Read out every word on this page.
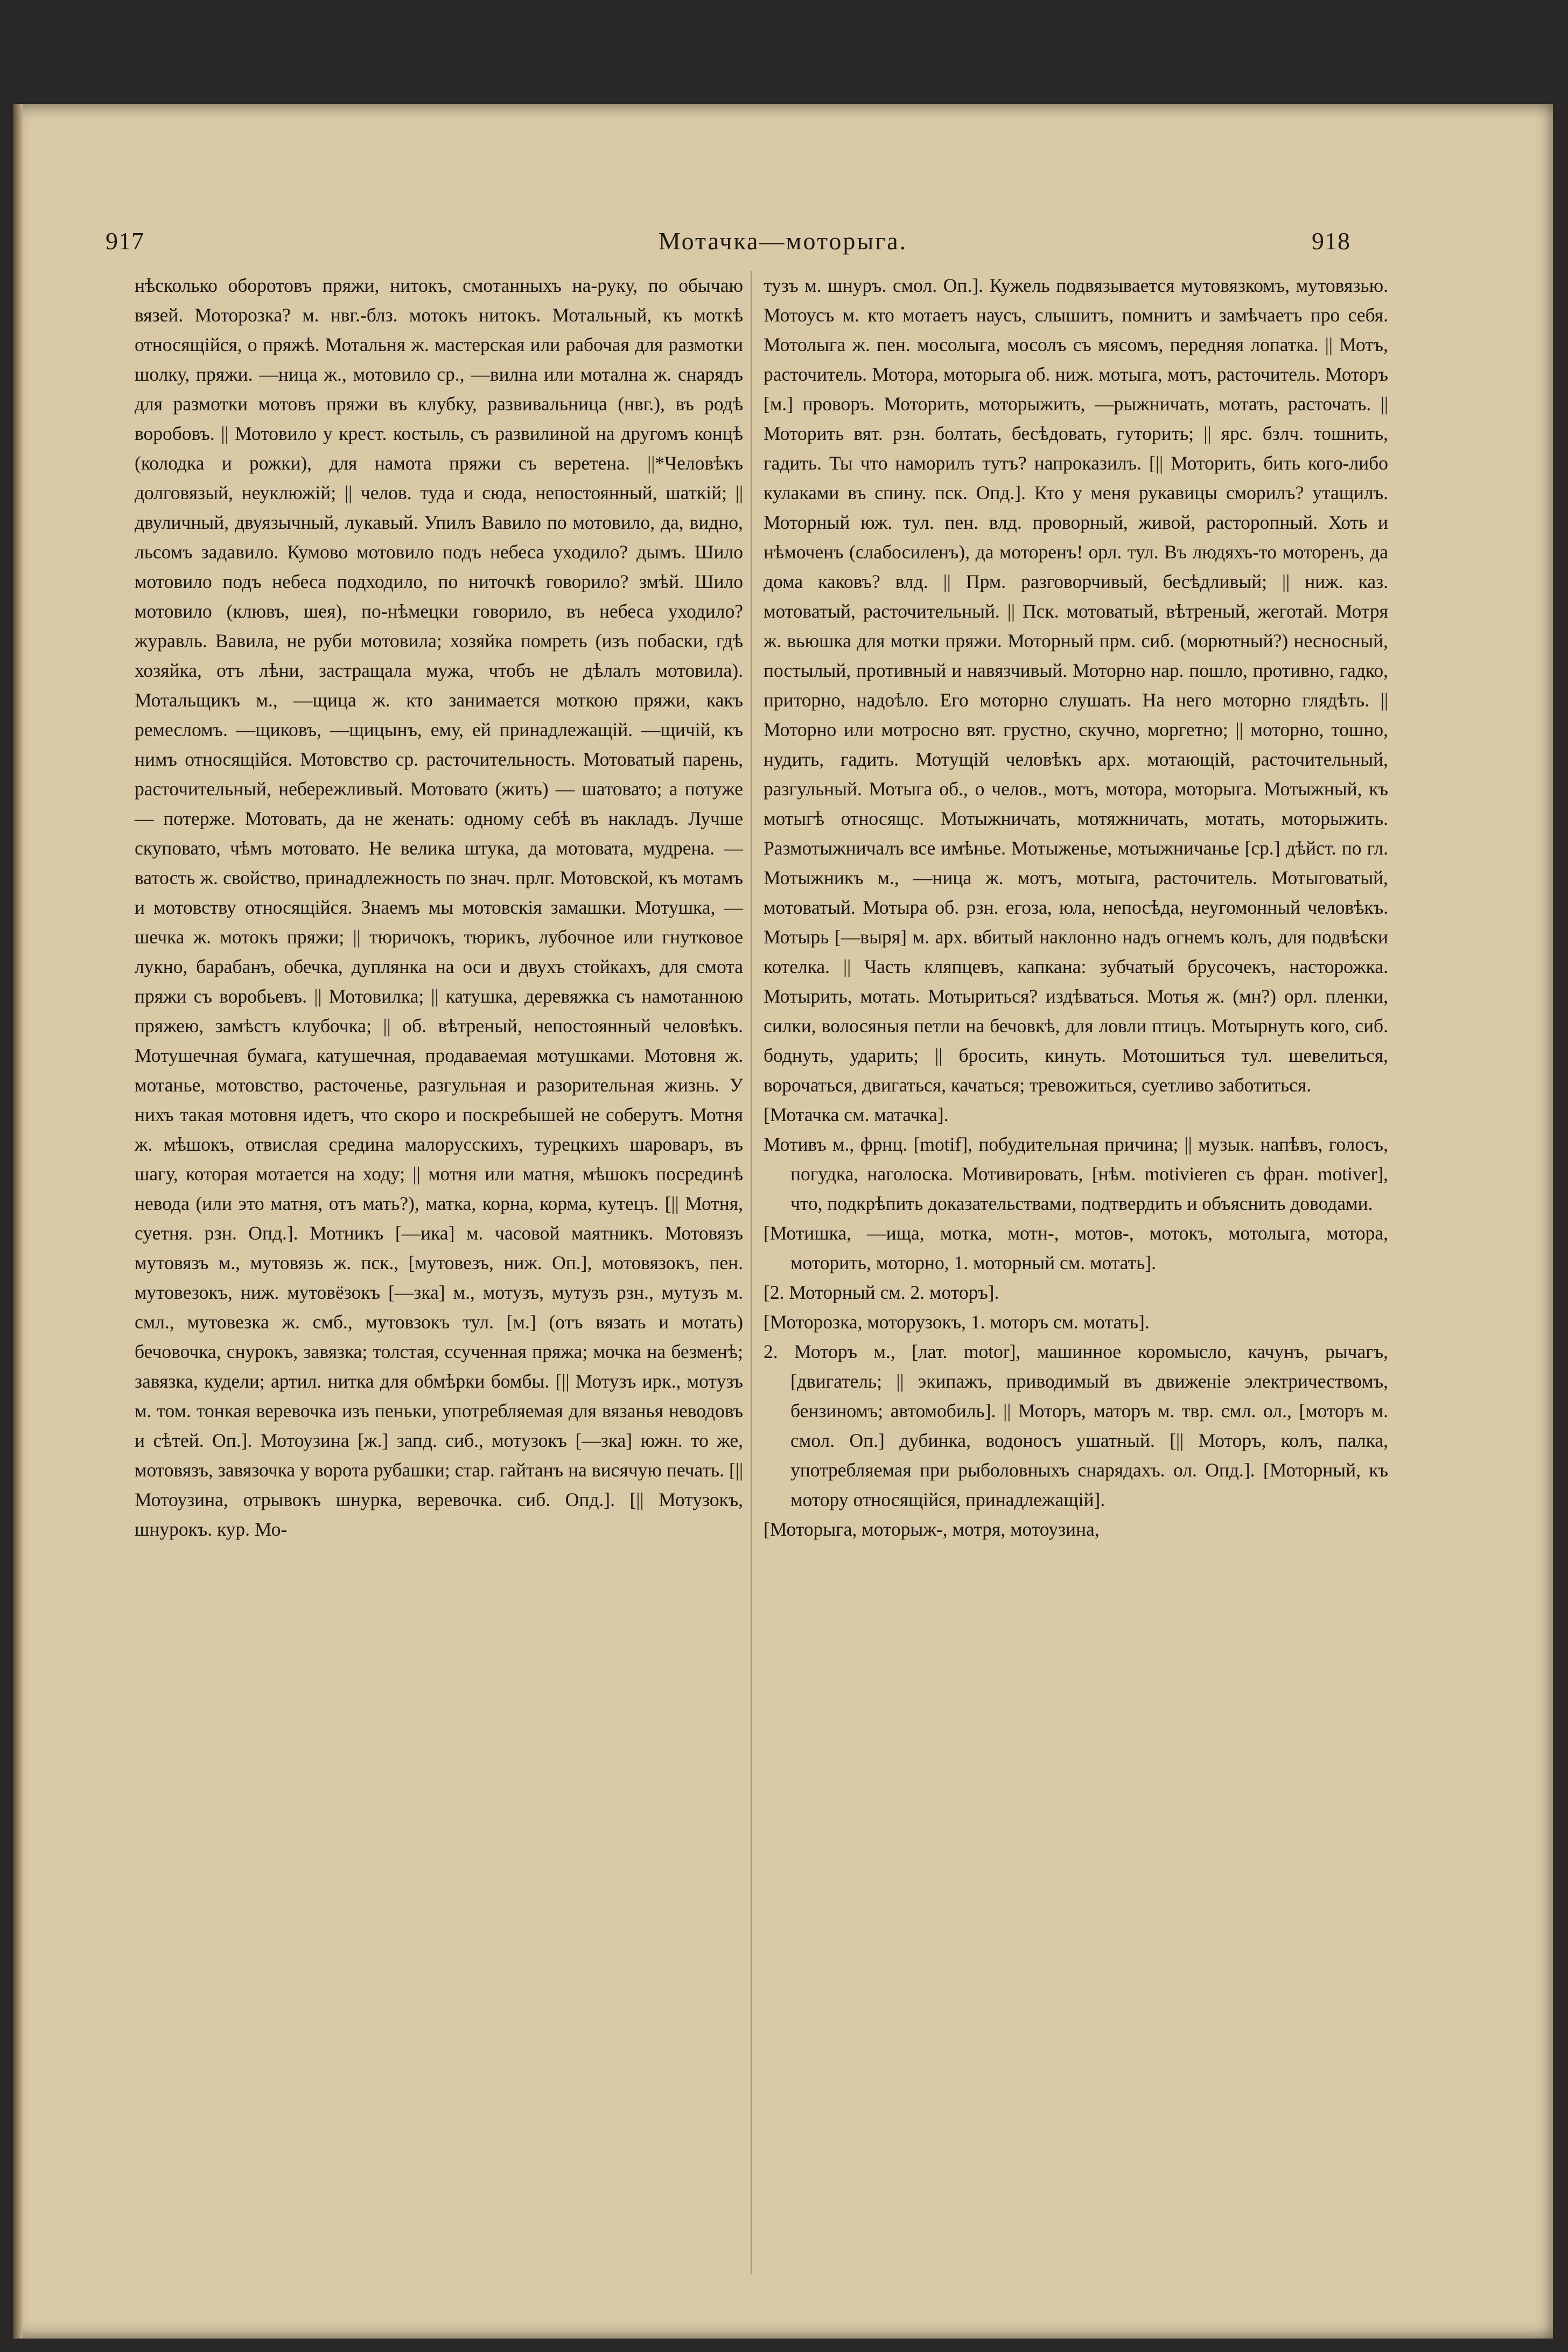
917	Мотачка—моторыга.	918

нѣсколько оборотовъ пряжи, нитокъ, смотанныхъ на-руку, по обычаю вязей. Моторозка? м. нвг.-блз. мотокъ нитокъ. Мотальный, къ моткѣ относящійся, о пряжѣ. Мотальня ж. мастерская или рабочая для размотки шолку, пряжи. —ница ж., мотовило ср., —вилна или мотална ж. снарядъ для размотки мотовъ пряжи въ клубку, развивальница (нвг.), въ родѣ воробовъ. || Мотовило у крест. костыль, съ развилиной на другомъ концѣ (колодка и рожки), для намота пряжи съ веретена. ||*Человѣкъ долговязый, неуклюжій; || челов. туда и сюда, непостоянный, шаткій; || двуличный, двуязычный, лукавый. Упилъ Вавило по мотовило, да, видно, льсомъ задавило. Кумово мотовило подъ небеса уходило? дымъ. Шило мотовило подъ небеса подходило, по ниточкѣ говорило? змѣй. Шило мотовило (клювъ, шея), по-нѣмецки говорило, въ небеса уходило? журавль. Вавила, не руби мотовила; хозяйка помреть (изъ побаски, гдѣ хозяйка, отъ лѣни, застращала мужа, чтобъ не дѣлалъ мотовила). Мотальщикъ м., —щица ж. кто занимается моткою пряжи, какъ ремесломъ. —щиковъ, —щицынъ, ему, ей принадлежащій. —щичій, къ нимъ относящійся. Мотовство ср. расточительность. Мотоватый парень, расточительный, небережливый. Мотовато (жить) — шатовато; а потуже — потерже. Мотовать, да не женать: одному себѣ въ накладъ. Лучше скуповато, чѣмъ мотовато. Не велика штука, да мотовата, мудрена. —ватость ж. свойство, принадлежность по знач. прлг. Мотовской, къ мотамъ и мотовству относящійся. Знаемъ мы мотовскія замашки. Мотушка, —шечка ж. мотокъ пряжи; || тюричокъ, тюрикъ, лубочное или гнутковое лукно, барабанъ, обечка, дуплянка на оси и двухъ стойкахъ, для смота пряжи съ воробьевъ. || Мотовилка; || катушка, деревяжка съ намотанною пряжею, замѣстъ клубочка; || об. вѣтреный, непостоянный человѣкъ. Мотушечная бумага, катушечная, продаваемая мотушками. Мотовня ж. мотанье, мотовство, расточенье, разгульная и разорительная жизнь. У нихъ такая мотовня идетъ, что скоро и поскребышей не соберутъ. Мотня ж. мѣшокъ, отвислая средина малорусскихъ, турецкихъ шароваръ, въ шагу, которая мотается на ходу; || мотня или матня, мѣшокъ посрединѣ невода (или это матня, отъ мать?), матка, корна, корма, кутецъ. [|| Мотня, суетня. рзн. Опд.]. Мотникъ [—ика] м. часовой маятникъ. Мотовязъ мутовязъ м., мутовязь ж. пск., [мутовезъ, ниж. Оп.], мотовязокъ, пен. мутовезокъ, ниж. мутовёзокъ [—зка] м., мотузъ, мутузъ рзн., мутузъ м. смл., мутовезка ж. смб., мутовзокъ тул. [м.] (отъ вязать и мотать) бечовочка, снурокъ, завязка; толстая, ссученная пряжа; мочка на безменѣ; завязка, кудели; артил. нитка для обмѣрки бомбы. [|| Мотузъ ирк., мотузъ м. том. тонкая веревочка изъ пеньки, употребляемая для вязанья неводовъ и сѣтей. Оп.]. Мотоузина [ж.] запд. сиб., мотузокъ [—зка] южн. то же, мотовязъ, завязочка у ворота рубашки; стар. гайтанъ на висячую печать. [|| Мотоузина, отрывокъ шнурка, веревочка. сиб. Опд.]. [|| Мотузокъ, шнурокъ. кур. Мо-

тузъ м. шнуръ. смол. Оп.]. Кужель подвязывается мутовязкомъ, мутовязью. Мотоусъ м. кто мотаетъ наусъ, слышитъ, помнитъ и замѣчаетъ про себя. Мотолыга ж. пен. мосолыга, мосолъ съ мясомъ, передняя лопатка. || Мотъ, расточитель. Мотора, моторыга об. ниж. мотыга, мотъ, расточитель. Моторъ [м.] проворъ. Моторить, моторыжить, —рыжничать, мотать, расточать. || Моторить вят. рзн. болтать, бесѣдовать, гуторить; || ярс. бзлч. тошнить, гадить. Ты что наморилъ тутъ? напроказилъ. [|| Моторить, бить кого-либо кулаками въ спину. пск. Опд.]. Кто у меня рукавицы сморилъ? утащилъ. Моторный юж. тул. пен. влд. проворный, живой, расторопный. Хоть и нѣмоченъ (слабосиленъ), да моторенъ! орл. тул. Въ людяхъ-то моторенъ, да дома каковъ? влд. || Прм. разговорчивый, бесѣдливый; || ниж. каз. мотоватый, расточительный. || Пск. мотоватый, вѣтреный, жеготай. Мотря ж. вьюшка для мотки пряжи. Моторный прм. сиб. (морютный?) несносный, постылый, противный и навязчивый. Моторно нар. пошло, противно, гадко, приторно, надоѣло. Его моторно слушать. На него моторно глядѣть. || Моторно или мотросно вят. грустно, скучно, моргетно; || моторно, тошно, нудить, гадить. Мотущій человѣкъ арх. мотающій, расточительный, разгульный. Мотыга об., о челов., мотъ, мотора, моторыга. Мотыжный, къ мотыгѣ относящс. Мотыжничать, мотяжничать, мотать, моторыжить. Размотыжничалъ все имѣнье. Мотыженье, мотыжничанье [ср.] дѣйст. по гл. Мотыжникъ м., —ница ж. мотъ, мотыга, расточитель. Мотыговатый, мотоватый. Мотыра об. рзн. егоза, юла, непосѣда, неугомонный человѣкъ. Мотырь [—выря] м. арх. вбитый наклонно надъ огнемъ колъ, для подвѣски котелка. || Часть кляпцевъ, капкана: зубчатый брусочекъ, насторожка. Мотырить, мотать. Мотыриться? издѣваться. Мотья ж. (мн?) орл. пленки, силки, волосяныя петли на бечовкѣ, для ловли птицъ. Мотырнуть кого, сиб. боднуть, ударить; || бросить, кинуть. Мотошиться тул. шевелиться, ворочаться, двигаться, качаться; тревожиться, суетливо заботиться.

[Мотачка см. матачка].

Мотивъ м., фрнц. [motif], побудительная причина; || музык. напѣвъ, голосъ, погудка, наголоска. Мотивировать, [нѣм. motivieren съ фран. motiver], что, подкрѣпить доказательствами, подтвердить и объяснить доводами.

[Мотишка, —ища, мотка, мотн-, мотов-, мотокъ, мотолыга, мотора, моторить, моторно, 1. моторный см. мотать].

[2. Моторный см. 2. моторъ].

[Моторозка, моторузокъ, 1. моторъ см. мотать].

2. Моторъ м., [лат. motor], машинное коромысло, качунъ, рычагъ, [двигатель; || экипажъ, приводимый въ движеніе электричествомъ, бензиномъ; автомобиль]. || Моторъ, маторъ м. твр. смл. ол., [моторъ м. смол. Оп.] дубинка, водоносъ ушатный. [|| Моторъ, колъ, палка, употребляемая при рыболовныхъ снарядахъ. ол. Опд.]. [Моторный, къ мотору относящійся, принадлежащій].

[Моторыга, моторыж-, мотря, мотоузина,
